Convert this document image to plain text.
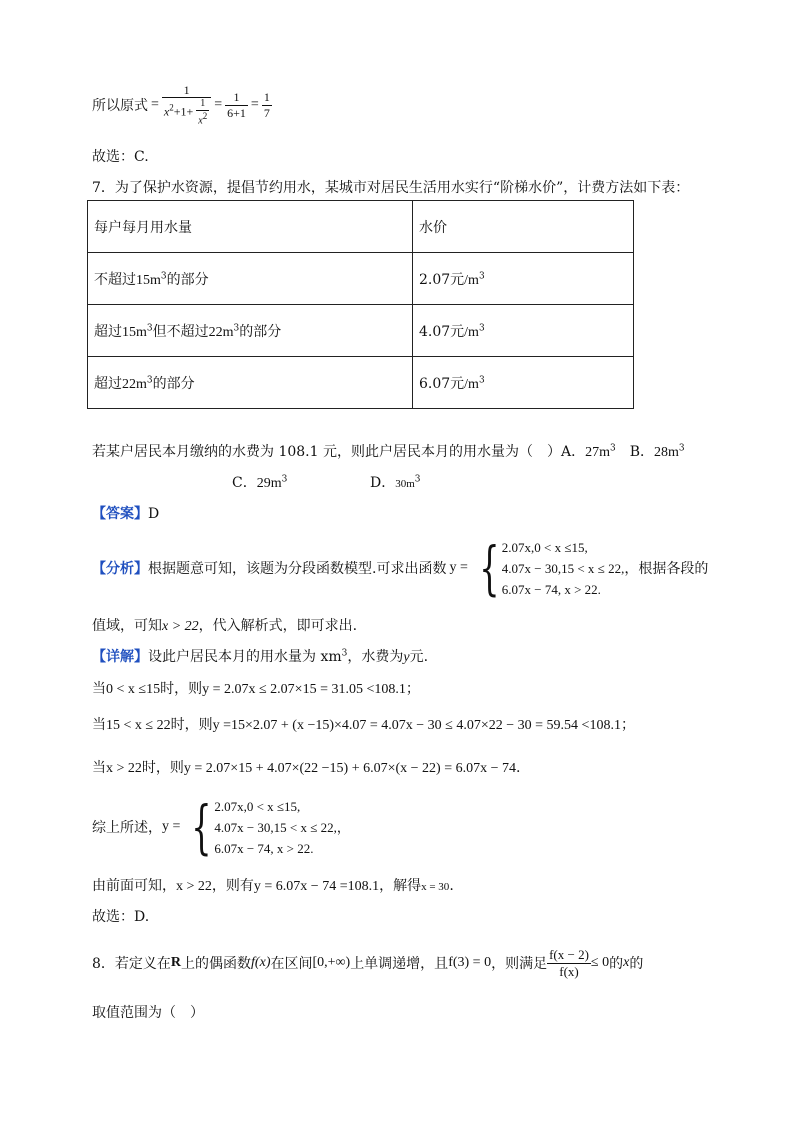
所以原式 = $\frac{1}{x^2+1+ \frac{1}{x^2}} = \frac{1}{6+1} = \frac{1}{7}$
故选：C.
7．为了保护水资源，提倡节约用水，某城市对居民生活用水实行“阶梯水价”，计费方法如下表：
每户每月用水量	水价
不超过$15m^3$的部分	2.07元$/m^3$
超过$15m^3$但不超过$22m^3$的部分	4.07元$/m^3$
超过$22m^3$的部分	6.07元$/m^3$
若某户居民本月缴纳的水费为 108.1 元，则此户居民本月的用水量为（　）A．$27m^3$　B．$28m^3$
C．$29m^3$	D．$30m^3$
【答案】D
【分析】 根据题意可知，该题为分段函数模型.可求出函数 y = { 2.07x,0 < x ≤15,
4.07x − 30,15 < x ≤ 22,
6.07x − 74, x > 22.
，根据各段的
值域，可知x > 22，代入解析式，即可求出.
【详解】设此户居民本月的用水量为 $xm^3$，水费为y元.
当0 < x ≤15时，则y = 2.07x ≤ 2.07×15 = 31.05 <108.1；
当15 < x ≤ 22时，则y =15×2.07 + (x −15)×4.07 = 4.07x − 30 ≤ 4.07×22 − 30 = 59.54 <108.1；
当x > 22时，则y = 2.07×15 + 4.07×(22 −15) + 6.07×(x − 22) = 6.07x − 74.
综上所述， y = { 2.07x,0 < x ≤15,
4.07x − 30,15 < x ≤ 22,，
6.07x − 74, x > 22.
由前面可知，x > 22，则有y = 6.07x − 74 =108.1，解得x = 30.
故选：D.
8．若定义在 R 上的偶函数 f(x) 在区间 [0,+∞) 上单调递增，且 f(3) = 0 ，则满足 $\frac{f(x - 2)}{f(x)} \le 0$ 的 x 的
取值范围为（　）
